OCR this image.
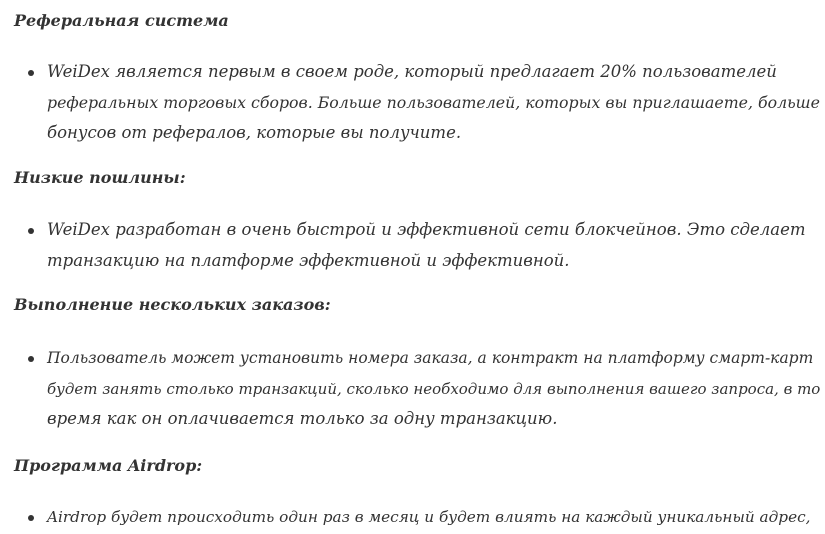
Реферальная система
WeiDex является первым в своем роде, который предлагает 20% пользователей
реферальных торговых сборов. Больше пользователей, которых вы приглашаете, больше
бонусов от рефералов, которые вы получите.
Низкие пошлины:
WeiDex разработан в очень быстрой и эффективной сети блокчейнов. Это сделает
транзакцию на платформе эффективной и эффективной.
Выполнение нескольких заказов:
Пользователь может установить номера заказа, а контракт на платформу смарт-карт
будет занять столько транзакций, сколько необходимо для выполнения вашего запроса, в то
время как он оплачивается только за одну транзакцию.
Программа Airdrop:
Airdrop будет происходить один раз в месяц и будет влиять на каждый уникальный адрес,
